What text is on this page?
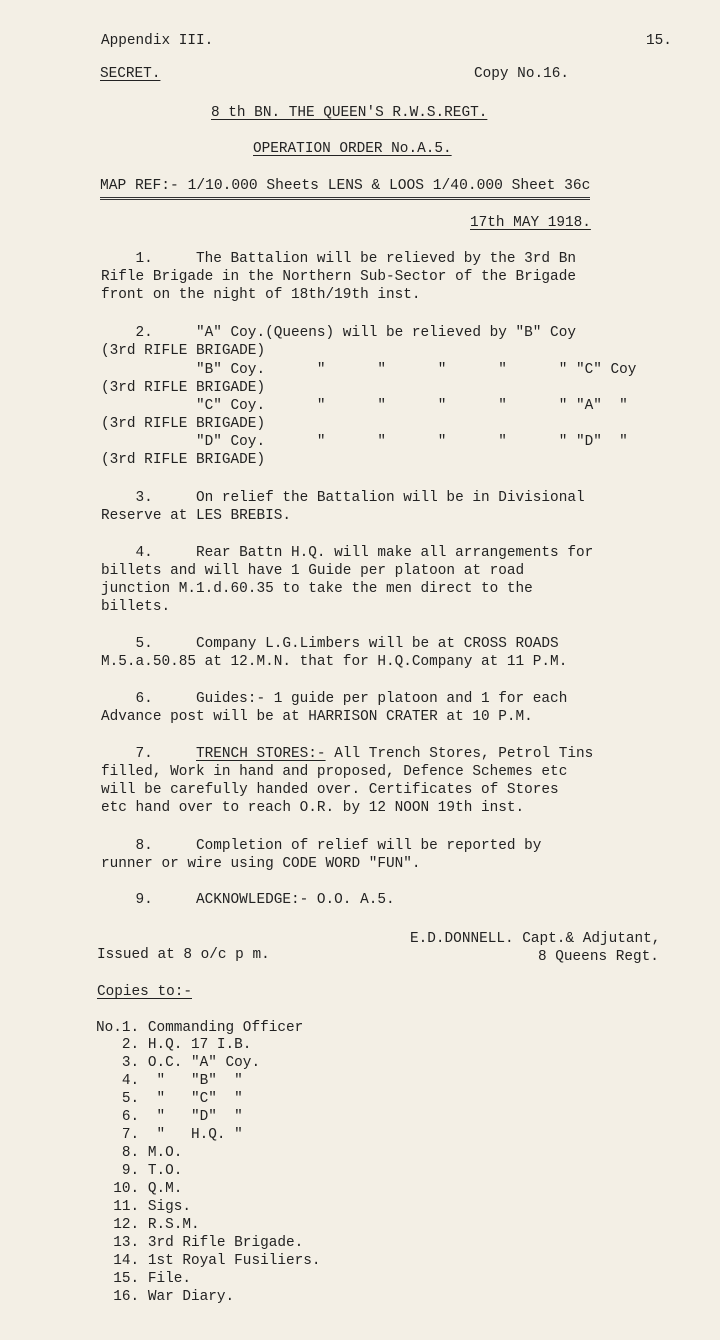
Appendix III.	15.
SECRET.	Copy No.16.
8 th BN. THE QUEEN'S R.W.S.REGT.
OPERATION ORDER No.A.5.
MAP REF:- 1/10.000 Sheets LENS & LOOS 1/40.000 Sheet 36c
17th MAY 1918.
1.     The Battalion will be relieved by the 3rd Bn
Rifle Brigade in the Northern Sub-Sector of the Brigade
front on the night of 18th/19th inst.
2.     "A" Coy.(Queens) will be relieved by "B" Coy
(3rd RIFLE BRIGADE)
"B" Coy.      "      "      "      "      " "C" Coy
(3rd RIFLE BRIGADE)
"C" Coy.      "      "      "      "      " "A"  "
(3rd RIFLE BRIGADE)
"D" Coy.      "      "      "      "      " "D"  "
(3rd RIFLE BRIGADE)
3.     On relief the Battalion will be in Divisional
Reserve at LES BREBIS.
4.     Rear Battn H.Q. will make all arrangements for
billets and will have 1 Guide per platoon at road
junction M.1.d.60.35 to take the men direct to the
billets.
5.     Company L.G.Limbers will be at CROSS ROADS
M.5.a.50.85 at 12.M.N. that for H.Q.Company at 11 P.M.
6.     Guides:- 1 guide per platoon and 1 for each
Advance post will be at HARRISON CRATER at 10 P.M.
7.	TRENCH STORES:- All Trench Stores, Petrol Tins
filled, Work in hand and proposed, Defence Schemes etc
will be carefully handed over. Certificates of Stores
etc hand over to reach O.R. by 12 NOON 19th inst.
8.     Completion of relief will be reported by
runner or wire using CODE WORD "FUN".
9.     ACKNOWLEDGE:- O.O. A.5.
E.D.DONNELL. Capt.& Adjutant,
8 Queens Regt.
Issued at 8 o/c p m.
Copies to:-
No.1. Commanding Officer
2. H.Q. 17 I.B.
3. O.C. "A" Coy.
4.  "   "B"  "
5.  "   "C"  "
6.  "   "D"  "
7.  "   H.Q. "
8. M.O.
9. T.O.
10. Q.M.
11. Sigs.
12. R.S.M.
13. 3rd Rifle Brigade.
14. 1st Royal Fusiliers.
15. File.
16. War Diary.
